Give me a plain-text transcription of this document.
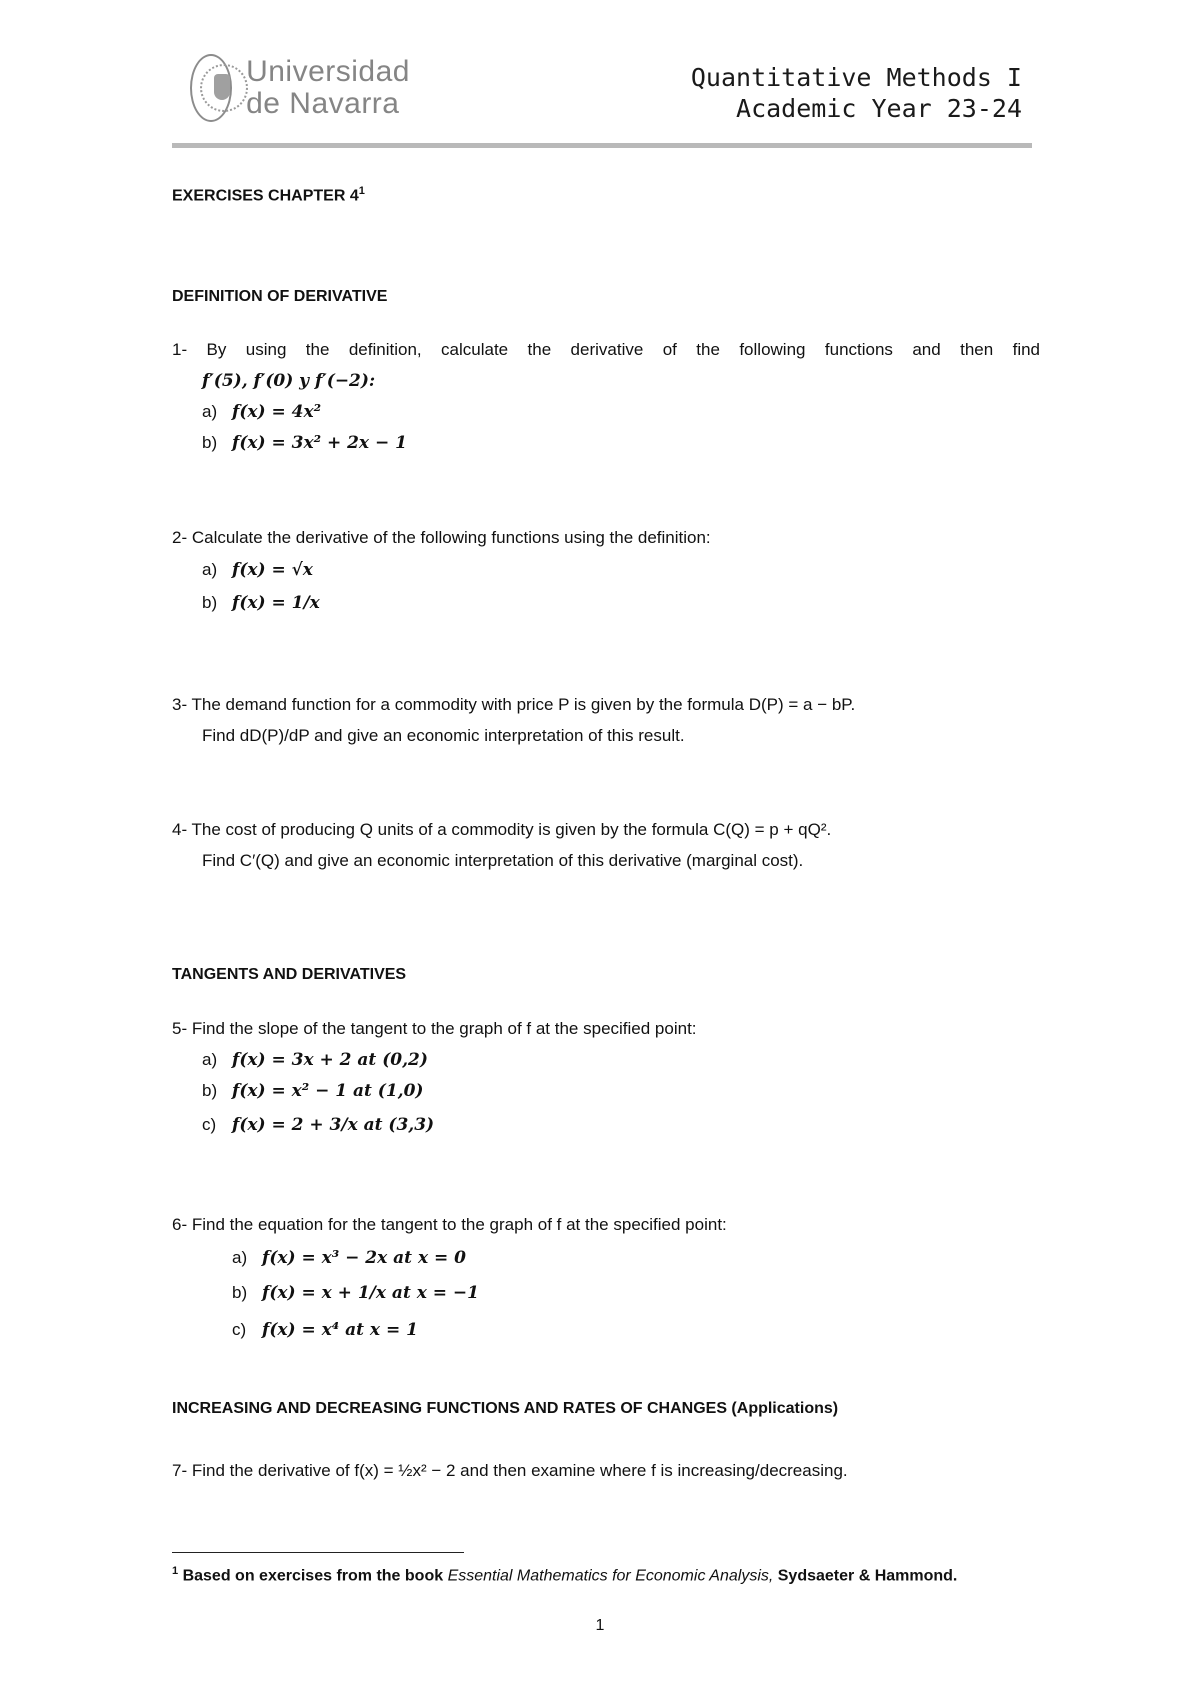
Universidad
de Navarra
Quantitative Methods I
Academic Year 23-24
EXERCISES CHAPTER $4^1$
DEFINITION OF DERIVATIVE
1- By using the definition, calculate the derivative of the following functions and then find
f′(5), f′(0) y f′(−2):
a) f(x) = 4x²
b) f(x) = 3x² + 2x − 1
2- Calculate the derivative of the following functions using the definition:
a) f(x) = √x
b) f(x) = 1/x
3- The demand function for a commodity with price P is given by the formula D(P) = a − bP.
Find dD(P)/dP and give an economic interpretation of this result.
4- The cost of producing Q units of a commodity is given by the formula C(Q) = p + qQ².
Find C′(Q) and give an economic interpretation of this derivative (marginal cost).
TANGENTS AND DERIVATIVES
5- Find the slope of the tangent to the graph of f at the specified point:
a) f(x) = 3x + 2 at (0,2)
b) f(x) = x² − 1 at (1,0)
c) f(x) = 2 + 3/x at (3,3)
6- Find the equation for the tangent to the graph of f at the specified point:
a) f(x) = x³ − 2x at x = 0
b) f(x) = x + 1/x at x = −1
c) f(x) = x⁴ at x = 1
INCREASING AND DECREASING FUNCTIONS AND RATES OF CHANGES (Applications)
7- Find the derivative of f(x) = ½x² − 2 and then examine where f is increasing/decreasing.
$^1$ Based on exercises from the book Essential Mathematics for Economic Analysis, Sydsaeter & Hammond.
1
